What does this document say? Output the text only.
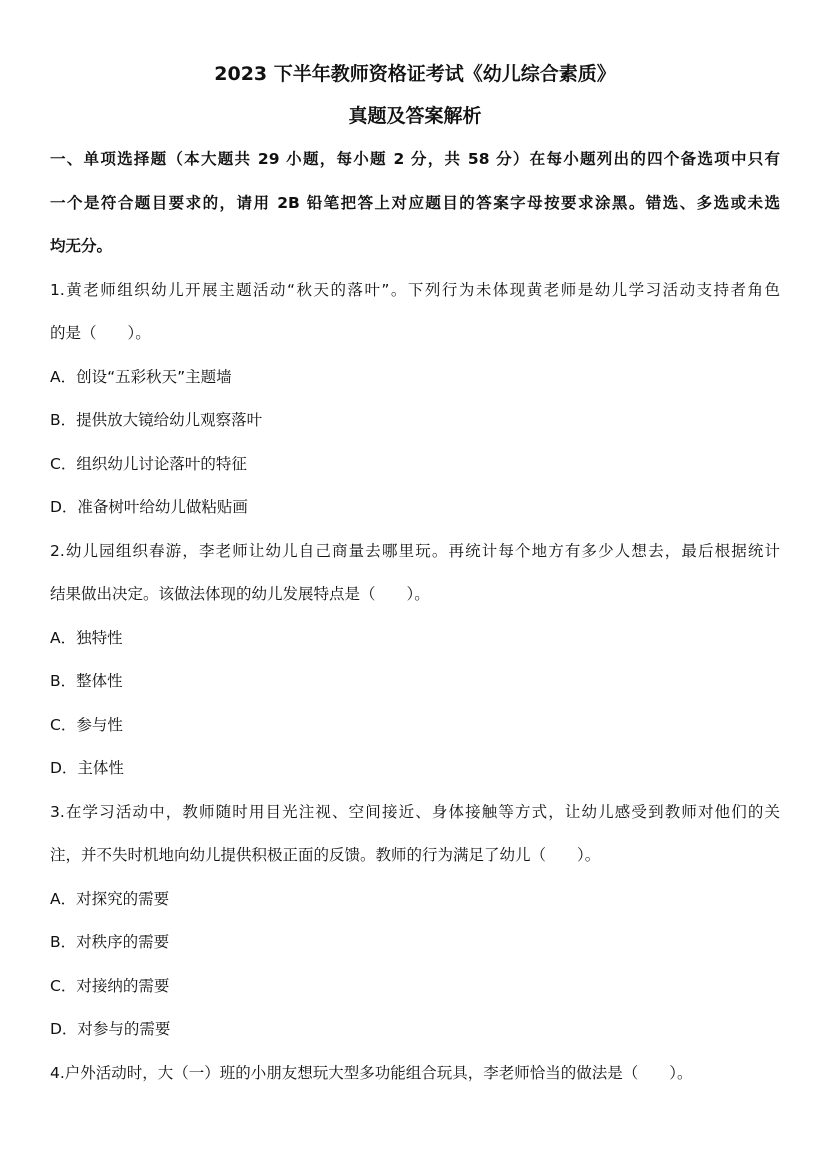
2023 下半年教师资格证考试《幼儿综合素质》
真题及答案解析
一、单项选择题（本大题共 29 小题，每小题 2 分，共 58 分）在每小题列出的四个备选项中只有
一个是符合题目要求的，请用 2B 铅笔把答上对应题目的答案字母按要求涂黑。错选、多选或未选
均无分。
1.黄老师组织幼儿开展主题活动“秋天的落叶”。下列行为未体现黄老师是幼儿学习活动支持者角色
的是（　　）。
A．创设“五彩秋天”主题墙
B．提供放大镜给幼儿观察落叶
C．组织幼儿讨论落叶的特征
D．准备树叶给幼儿做粘贴画
2.幼儿园组织春游，李老师让幼儿自己商量去哪里玩。再统计每个地方有多少人想去，最后根据统计
结果做出决定。该做法体现的幼儿发展特点是（　　）。
A．独特性
B．整体性
C．参与性
D．主体性
3.在学习活动中，教师随时用目光注视、空间接近、身体接触等方式，让幼儿感受到教师对他们的关
注，并不失时机地向幼儿提供积极正面的反馈。教师的行为满足了幼儿（　　）。
A．对探究的需要
B．对秩序的需要
C．对接纳的需要
D．对参与的需要
4.户外活动时，大（一）班的小朋友想玩大型多功能组合玩具，李老师恰当的做法是（　　）。
